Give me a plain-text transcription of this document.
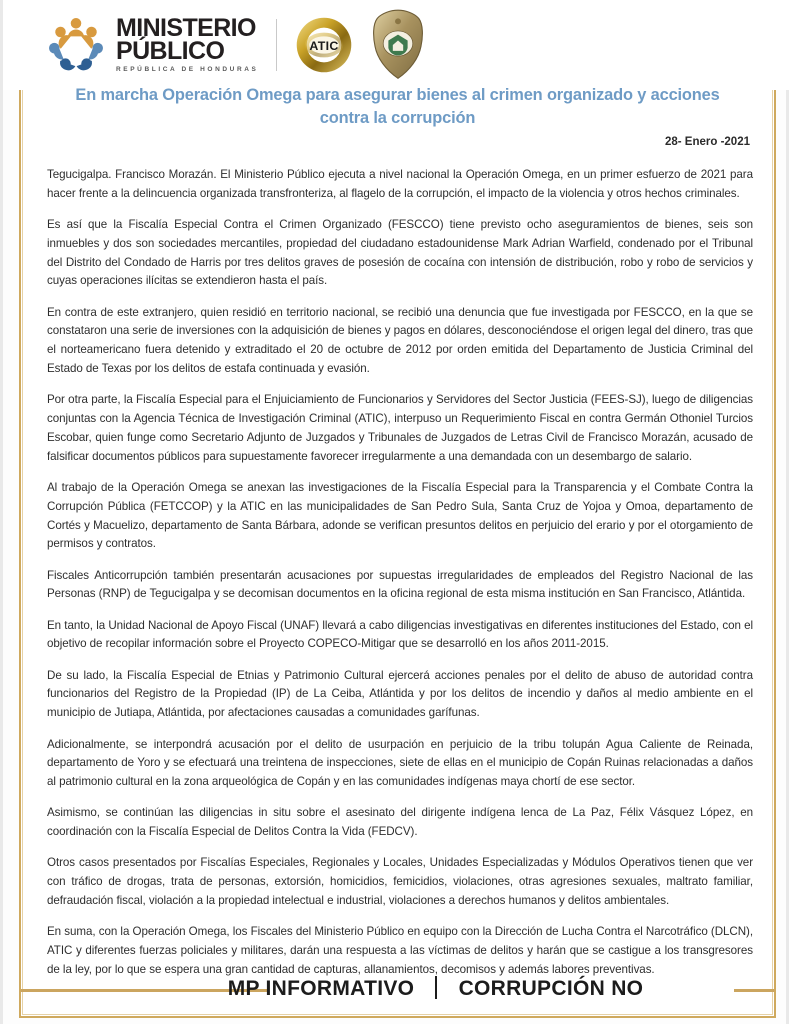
MINISTERIO
PÚBLICO
REPÚBLICA DE HONDURAS
ATIC
En marcha Operación Omega para asegurar bienes al crimen organizado y acciones contra la corrupción
28- Enero -2021

Tegucigalpa. Francisco Morazán. El Ministerio Público ejecuta a nivel nacional la Operación Omega, en un primer esfuerzo de 2021 para hacer frente a la delincuencia organizada transfronteriza, al flagelo de la corrupción, el impacto de la violencia y otros hechos criminales.

Es así que la Fiscalía Especial Contra el Crimen Organizado (FESCCO) tiene previsto ocho aseguramientos de bienes, seis son inmuebles y dos son sociedades mercantiles, propiedad del ciudadano estadounidense Mark Adrian Warfield, condenado por el Tribunal del Distrito del Condado de Harris por tres delitos graves de posesión de cocaína con intensión de distribución, robo y robo de servicios y cuyas operaciones ilícitas se extendieron hasta el país.

En contra de este extranjero, quien residió en territorio nacional, se recibió una denuncia que fue investigada por FESCCO, en la que se constataron una serie de inversiones con la adquisición de bienes y pagos en dólares, desconociéndose el origen legal del dinero, tras que el norteamericano fuera detenido y extraditado el 20 de octubre de 2012 por orden emitida del Departamento de Justicia Criminal del Estado de Texas por los delitos de estafa continuada y evasión.

Por otra parte, la Fiscalía Especial para el Enjuiciamiento de Funcionarios y Servidores del Sector Justicia (FEES-SJ), luego de diligencias conjuntas con la Agencia Técnica de Investigación Criminal (ATIC), interpuso un Requerimiento Fiscal en contra Germán Othoniel Turcios Escobar, quien funge como Secretario Adjunto de Juzgados y Tribunales de Juzgados de Letras Civil de Francisco Morazán, acusado de falsificar documentos públicos para supuestamente favorecer irregularmente a una demandada con un desembargo de salario.

Al trabajo de la Operación Omega se anexan las investigaciones de la Fiscalía Especial para la Transparencia y el Combate Contra la Corrupción Pública (FETCCOP) y la ATIC en las municipalidades de San Pedro Sula, Santa Cruz de Yojoa y Omoa, departamento de Cortés y Macuelizo, departamento de Santa Bárbara, adonde se verifican presuntos delitos en perjuicio del erario y por el otorgamiento de permisos y contratos.

Fiscales Anticorrupción también presentarán acusaciones por supuestas irregularidades de empleados del Registro Nacional de las Personas (RNP) de Tegucigalpa y se decomisan documentos en la oficina regional de esta misma institución en San Francisco, Atlántida.

En tanto, la Unidad Nacional de Apoyo Fiscal (UNAF) llevará a cabo diligencias investigativas en diferentes instituciones del Estado, con el objetivo de recopilar información sobre el Proyecto COPECO-Mitigar que se desarrolló en los años 2011-2015.

De su lado, la Fiscalía Especial de Etnias y Patrimonio Cultural ejercerá acciones penales por el delito de abuso de autoridad contra funcionarios del Registro de la Propiedad (IP) de La Ceiba, Atlántida y por los delitos de incendio y daños al medio ambiente en el municipio de Jutiapa, Atlántida, por afectaciones causadas a comunidades garífunas.

Adicionalmente, se interpondrá acusación por el delito de usurpación en perjuicio de la tribu tolupán Agua Caliente de Reinada, departamento de Yoro y se efectuará una treintena de inspecciones, siete de ellas en el municipio de Copán Ruinas relacionadas a daños al patrimonio cultural en la zona arqueológica de Copán y en las comunidades indígenas maya chortí de ese sector.

Asimismo, se continúan las diligencias in situ sobre el asesinato del dirigente indígena lenca de La Paz, Félix Vásquez López, en coordinación con la Fiscalía Especial de Delitos Contra la Vida (FEDCV).

Otros casos presentados por Fiscalías Especiales, Regionales y Locales, Unidades Especializadas y Módulos Operativos tienen que ver con tráfico de drogas, trata de personas, extorsión, homicidios, femicidios, violaciones, otras agresiones sexuales, maltrato familiar, defraudación fiscal, violación a la propiedad intelectual e industrial, violaciones a derechos humanos y delitos ambientales.

En suma, con la Operación Omega, los Fiscales del Ministerio Público en equipo con la Dirección de Lucha Contra el Narcotráfico (DLCN), ATIC y diferentes fuerzas policiales y militares, darán una respuesta a las víctimas de delitos y harán que se castigue a los transgresores de la ley, por lo que se espera una gran cantidad de capturas, allanamientos, decomisos y además labores preventivas.

MP INFORMATIVO CORRUPCIÓN NO
